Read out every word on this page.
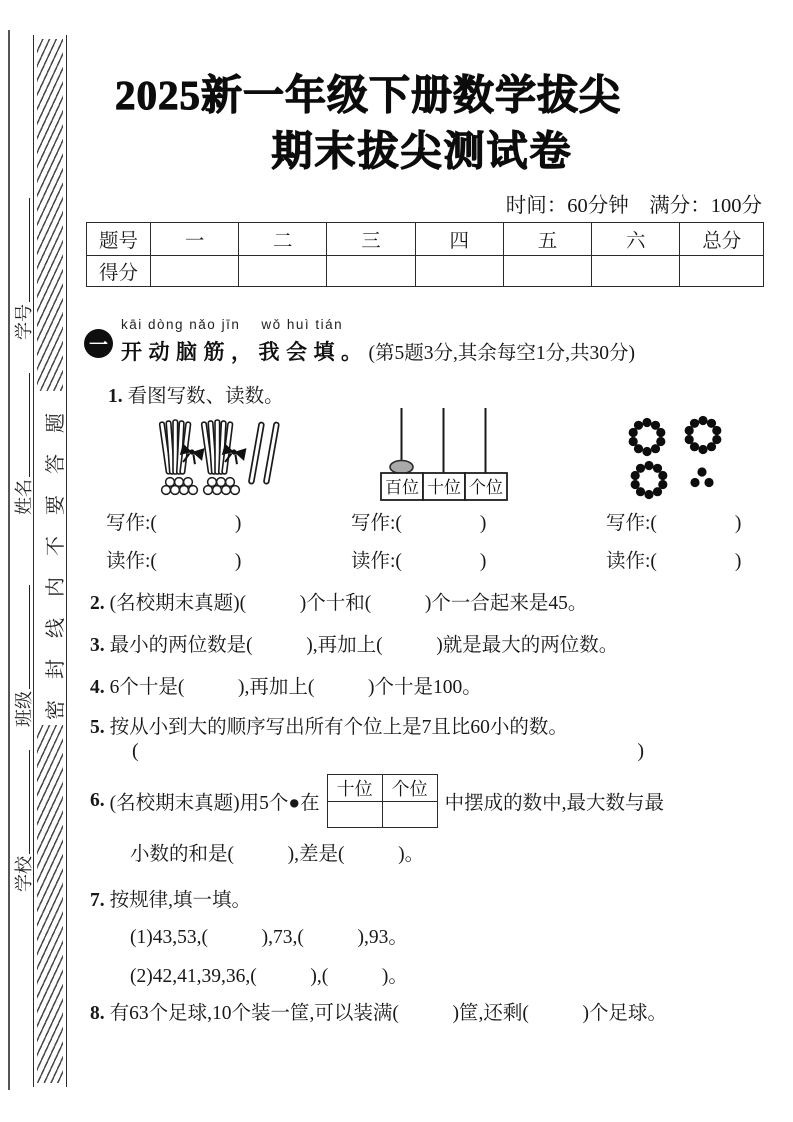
密封线内不要答题
学号
姓名
班级
学校
2025新一年级下册数学拔尖
期末拔尖测试卷
时间：60分钟　满分：100分
题号	一	二	三	四	五	六	总分
得分							
一
kāi dòng nǎo jīn    wǒ huì tián
开动脑筋，我会填。 (第5题3分,其余每空1分,共30分)
1. 看图写数、读数。
百位 十位 个位
写作:(                )	写作:(                )	写作:(                )
读作:(                )	读作:(                )	读作:(                )
2. (名校期末真题)(           )个十和(           )个一合起来是45。
3. 最小的两位数是(           ),再加上(           )就是最大的两位数。
4. 6个十是(           ),再加上(           )个十是100。
5. 按从小到大的顺序写出所有个位上是7且比60小的数。
(	)
6. (名校期末真题)用5个●在
十位	个位

中摆成的数中,最大数与最
小数的和是(           ),差是(           )。
7. 按规律,填一填。
(1)43,53,(           ),73,(           ),93。
(2)42,41,39,36,(           ),(           )。
8. 有63个足球,10个装一筐,可以装满(           )筐,还剩(           )个足球。
